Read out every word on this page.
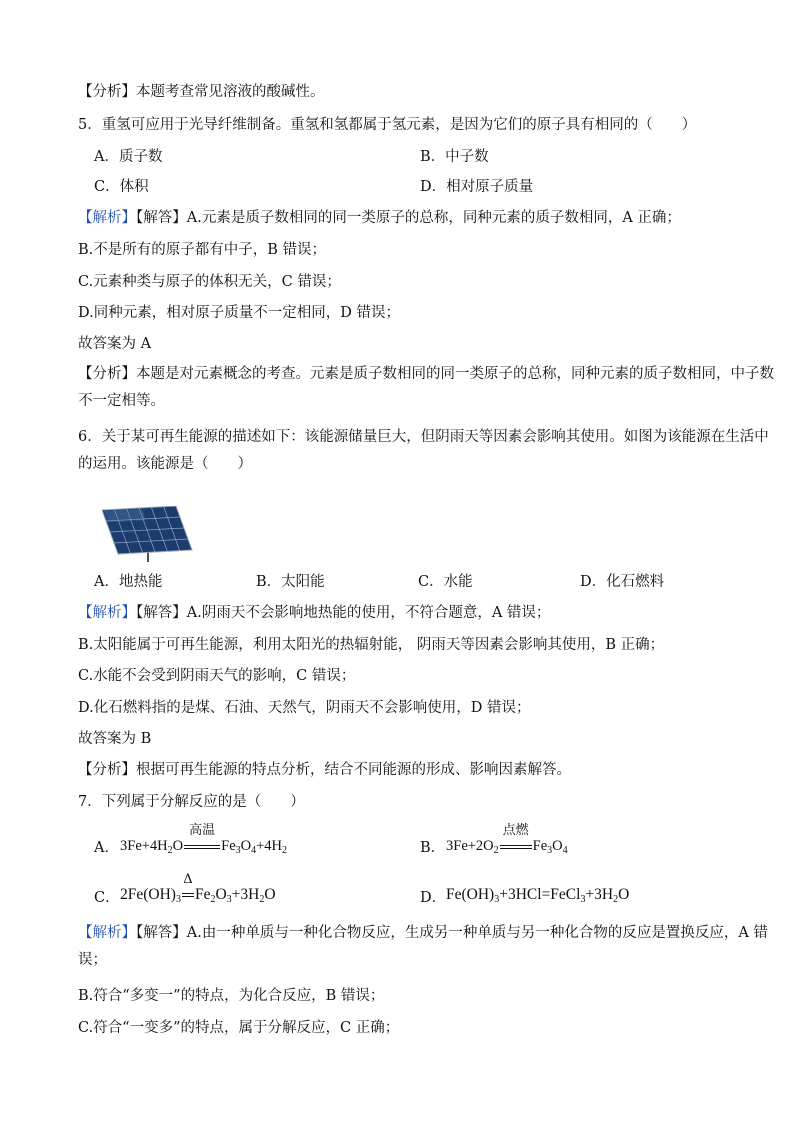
【分析】本题考查常见溶液的酸碱性。
5．重氢可应用于光导纤维制备。重氢和氢都属于氢元素，是因为它们的原子具有相同的（　　）
A．质子数	B．中子数
C．体积	D．相对原子质量
【解析】【解答】A.元素是质子数相同的同一类原子的总称，同种元素的质子数相同，A 正确；
B.不是所有的原子都有中子，B 错误；
C.元素种类与原子的体积无关，C 错误；
D.同种元素，相对原子质量不一定相同，D 错误；
故答案为 A
【分析】本题是对元素概念的考查。元素是质子数相同的同一类原子的总称，同种元素的质子数相同，中子数不一定相等。
6．关于某可再生能源的描述如下：该能源储量巨大，但阴雨天等因素会影响其使用。如图为该能源在生活中的运用。该能源是（　　）
A．地热能	B．太阳能	C．水能	D．化石燃料
【解析】【解答】A.阴雨天不会影响地热能的使用，不符合题意，A 错误；
B.太阳能属于可再生能源，利用太阳光的热辐射能， 阴雨天等因素会影响其使用，B 正确；
C.水能不会受到阴雨天气的影响，C 错误；
D.化石燃料指的是煤、石油、天然气，阴雨天不会影响使用，D 错误；
故答案为 B
【分析】根据可再生能源的特点分析，结合不同能源的形成、影响因素解答。
7．下列属于分解反应的是（　　）
A． $3Fe+4H_2O$
高温
$Fe_3O_4+4H_2$	B． $3Fe+2O_2$
点燃
$Fe_3O_4$
C． $2Fe(OH)_3$
Δ
$Fe_2O_3+3H_2O$	D． $Fe(OH)_3+3HCl=FeCl_3+3H_2O$
【解析】【解答】A.由一种单质与一种化合物反应，生成另一种单质与另一种化合物的反应是置换反应，A 错误；
B.符合“多变一”的特点，为化合反应，B 错误；
C.符合“一变多”的特点，属于分解反应，C 正确；
